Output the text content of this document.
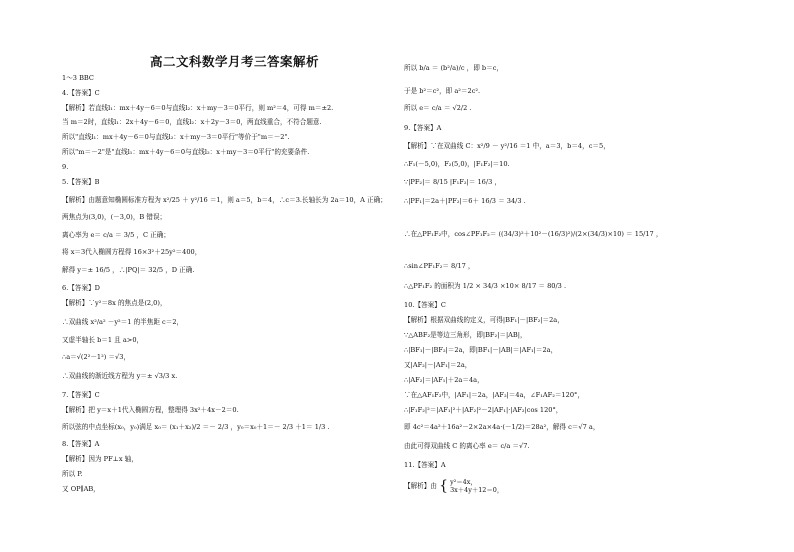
高二文科数学月考三答案解析
1～3 BBC
4.【答案】C
【解析】若直线l₁：mx＋4y－6＝0与直线l₂：x＋my－3＝0平行，则 m²＝4，可得 m＝±2.
当 m＝2时，直线l₁：2x＋4y－6＝0，直线l₂：x＋2y－3＝0，两直线重合，不符合题意.
所以"直线l₁：mx＋4y－6＝0与直线l₂：x＋my－3＝0平行"等价于"m＝－2".
所以"m＝－2"是"直线l₁：mx＋4y－6＝0与直线l₂：x＋my－3＝0平行"的充要条件.
9.
5.【答案】B
【解析】由题意知椭圆标准方程为 x²/25 ＋ y²/16 ＝1，则 a＝5，b＝4，∴c＝3.长轴长为 2a＝10，A 正确；
两焦点为(3,0)，(－3,0)，B 错误；
离心率为 e＝ c/a ＝ 3/5 ，C 正确；
将 x＝3代入椭圆方程得 16×3²＋25y²＝400，
解得 y＝± 16/5 ，∴|PQ|＝ 32/5 ，D 正确.
6.【答案】D
【解析】∵y²＝8x 的焦点是(2,0)，
∴双曲线 x²/a² －y²＝1 的半焦距 c＝2，
又虚半轴长 b＝1 且 a>0，
∴a＝√(2²－1²) ＝√3，
∴双曲线的渐近线方程为 y＝± √3/3 x.
7.【答案】C
【解析】把 y＝x＋1代入椭圆方程，整理得 3x²＋4x－2＝0.
所以弦的中点坐标(x₀，y₀)满足 x₀＝ (x₁＋x₂)/2 ＝－ 2/3 ，y₀＝x₀＋1＝－ 2/3 ＋1＝ 1/3 .
8.【答案】A
【解析】因为 PF⊥x 轴，
所以 P.
又 OP∥AB，	【解析】由 { y²＝4x，
3x＋4y＋12＝0，
所以 b/a ＝ (b²/a)/c ，即 b＝c，
于是 b²＝c²，即 a²＝2c².
所以 e＝ c/a ＝ √2/2 .
9.【答案】A
【解析】∵在双曲线 C：x²/9 － y²/16 ＝1 中，a＝3，b＝4，c＝5，
∴F₁(－5,0)，F₂(5,0)，|F₁F₂|＝10.
∵|PF₂|＝ 8/15 |F₁F₂|＝ 16/3 ，
∴|PF₁|＝2a＋|PF₂|＝6＋ 16/3 ＝ 34/3 .
∴在△PF₁F₂中，cos∠PF₁F₂＝ ((34/3)²＋10²－(16/3)²)/(2×(34/3)×10) ＝ 15/17 ，
∴sin∠PF₁F₂＝ 8/17 ，
∴△PF₁F₂ 的面积为 1/2 × 34/3 ×10× 8/17 ＝ 80/3 .
10.【答案】C
【解析】根据双曲线的定义，可得|BF₁|－|BF₂|＝2a，
∵△ABF₂是等边三角形，即|BF₂|＝|AB|，
∴|BF₁|－|BF₂|＝2a，即|BF₁|－|AB|＝|AF₁|＝2a，
又|AF₂|－|AF₁|＝2a，
∴|AF₂|＝|AF₁|＋2a＝4a，
∵在△AF₁F₂中，|AF₁|＝2a，|AF₂|＝4a，∠F₁AF₂＝120°，
∴|F₁F₂|²＝|AF₁|²＋|AF₂|²－2|AF₁|·|AF₂|cos 120°，
即 4c²＝4a²＋16a²－2×2a×4a·(－1/2)＝28a²，解得 c＝√7 a，
由此可得双曲线 C 的离心率 e＝ c/a ＝√7.
11.【答案】A
